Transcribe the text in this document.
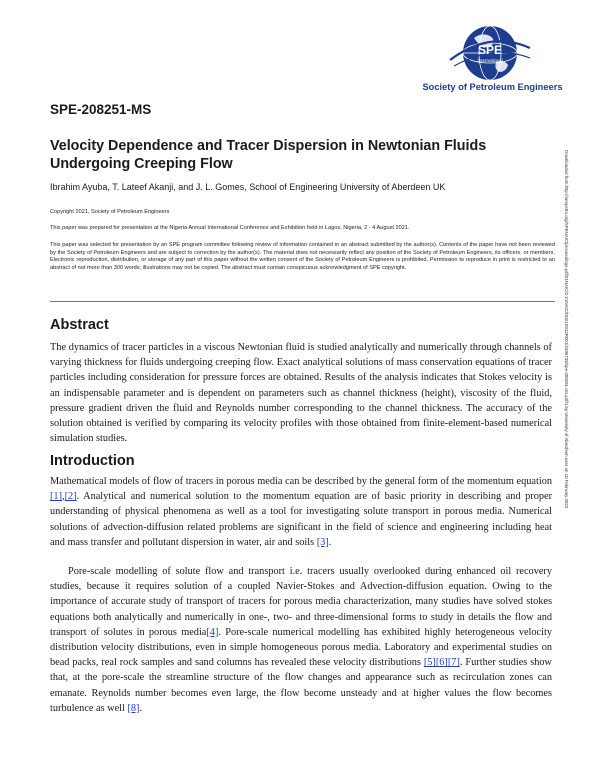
SPE
International
Society of Petroleum Engineers
SPE-208251-MS
Velocity Dependence and Tracer Dispersion in Newtonian Fluids Undergoing Creeping Flow
Ibrahim Ayuba, T. Lateef Akanji, and J. L. Gomes, School of Engineering University of Aberdeen UK

Copyright 2021, Society of Petroleum Engineers

This paper was prepared for presentation at the Nigeria Annual International Conference and Exhibition held in Lagos, Nigeria, 2 - 4 August 2021.

This paper was selected for presentation by an SPE program committee following review of information contained in an abstract submitted by the author(s). Contents of the paper have not been reviewed by the Society of Petroleum Engineers and are subject to correction by the author(s). The material does not necessarily reflect any position of the Society of Petroleum Engineers, its officers, or members. Electronic reproduction, distribution, or storage of any part of this paper without the written consent of the Society of Petroleum Engineers is prohibited. Permission to reproduce in print is restricted to an abstract of not more than 300 words; illustrations may not be copied. The abstract must contain conspicuous acknowledgment of SPE copyright.

Abstract

The dynamics of tracer particles in a viscous Newtonian fluid is studied analytically and numerically through channels of varying thickness for fluids undergoing creeping flow. Exact analytical solutions of mass conservation equations of tracer particles including consideration for pressure forces are obtained. Results of the analysis indicates that Stokes velocity is an indispensable parameter and is dependent on parameters such as channel thickness (height), viscosity of the fluid, pressure gradient driven the fluid and Reynolds number corresponding to the channel thickness. The accuracy of the solution obtained is verified by comparing its velocity profiles with those obtained from finite-element-based numerical simulation studies.

Introduction

Mathematical models of flow of tracers in porous media can be described by the general form of the momentum equation [1],[2]. Analytical and numerical solution to the momentum equation are of basic priority in describing and proper understanding of physical phenomena as well as a tool for investigating solute transport in porous media. Numerical solutions of advection-diffusion related problems are significant in the field of science and engineering including heat and mass transfer and pollutant dispersion in water, air and soils [3].

Pore-scale modelling of solute flow and transport i.e. tracers usually overlooked during enhanced oil recovery studies, because it requires solution of a coupled Navier-Stokes and Advection-diffusion equation. Owing to the importance of accurate study of transport of tracers for porous media characterization, many studies have solved stokes equations both analytically and numerically in one-, two- and three-dimensional forms to study in details the flow and transport of solutes in porous media[4]. Pore-scale numerical modelling has exhibited highly heterogeneous velocity distribution velocity distributions, even in simple homogeneous porous media. Laboratory and experimental studies on bead packs, real rock samples and sand columns has revealed these velocity distributions [5][6][7]. Further studies show that, at the pore-scale the streamline structure of the flow changes and appearance such as recirculation zones can emanate. Reynolds number becomes even large, the flow become unsteady and at higher values the flow becomes turbulence as well [8].

Downloaded from http://onepetro.org/SPENAIC/proceedings-pdf/21NAIC/2-21NAIC/D021S012R001/2496739/spe-208251-ms.pdf/1 by University of Aberdeen user on 10 February 2022
